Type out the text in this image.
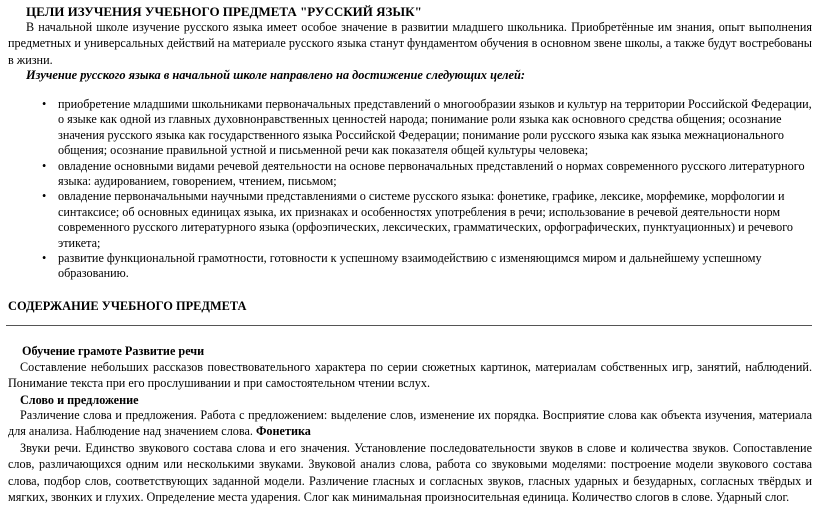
ЦЕЛИ ИЗУЧЕНИЯ УЧЕБНОГО ПРЕДМЕТА "РУССКИЙ ЯЗЫК"
В начальной школе изучение русского языка имеет особое значение в развитии младшего школьника. Приобретённые им знания, опыт выполнения предметных и универсальных действий на материале русского языка станут фундаментом обучения в основном звене школы, а также будут востребованы в жизни.
Изучение русского языка в начальной школе направлено на достижение следующих целей:
• приобретение младшими школьниками первоначальных представлений о многообразии языков и культур на территории Российской Федерации, о языке как одной из главных духовнонравственных ценностей народа; понимание роли языка как основного средства общения; осознание значения русского языка как государственного языка Российской Федерации; понимание роли русского языка как языка межнационального общения; осознание правильной устной и письменной речи как показателя общей культуры человека;
• овладение основными видами речевой деятельности на основе первоначальных представлений о нормах современного русского литературного языка: аудированием, говорением, чтением, письмом;
• овладение первоначальными научными представлениями о системе русского языка: фонетике, графике, лексике, морфемике, морфологии и синтаксисе; об основных единицах языка, их признаках и особенностях употребления в речи; использование в речевой деятельности норм современного русского литературного языка (орфоэпических, лексических, грамматических, орфографических, пунктуационных) и речевого этикета;
• развитие функциональной грамотности, готовности к успешному взаимодействию с изменяющимся миром и дальнейшему успешному образованию.
СОДЕРЖАНИЕ УЧЕБНОГО ПРЕДМЕТА
Обучение грамоте Развитие речи
Составление небольших рассказов повествовательного характера по серии сюжетных картинок, материалам собственных игр, занятий, наблюдений. Понимание текста при его прослушивании и при самостоятельном чтении вслух.
Слово и предложение
Различение слова и предложения. Работа с предложением: выделение слов, изменение их порядка. Восприятие слова как объекта изучения, материала для анализа. Наблюдение над значением слова. Фонетика
Звуки речи. Единство звукового состава слова и его значения. Установление последовательности звуков в слове и количества звуков. Сопоставление слов, различающихся одним или несколькими звуками. Звуковой анализ слова, работа со звуковыми моделями: построение модели звукового состава слова, подбор слов, соответствующих заданной модели. Различение гласных и согласных звуков, гласных ударных и безударных, согласных твёрдых и мягких, звонких и глухих. Определение места ударения. Слог как минимальная произносительная единица. Количество слогов в слове. Ударный слог.
